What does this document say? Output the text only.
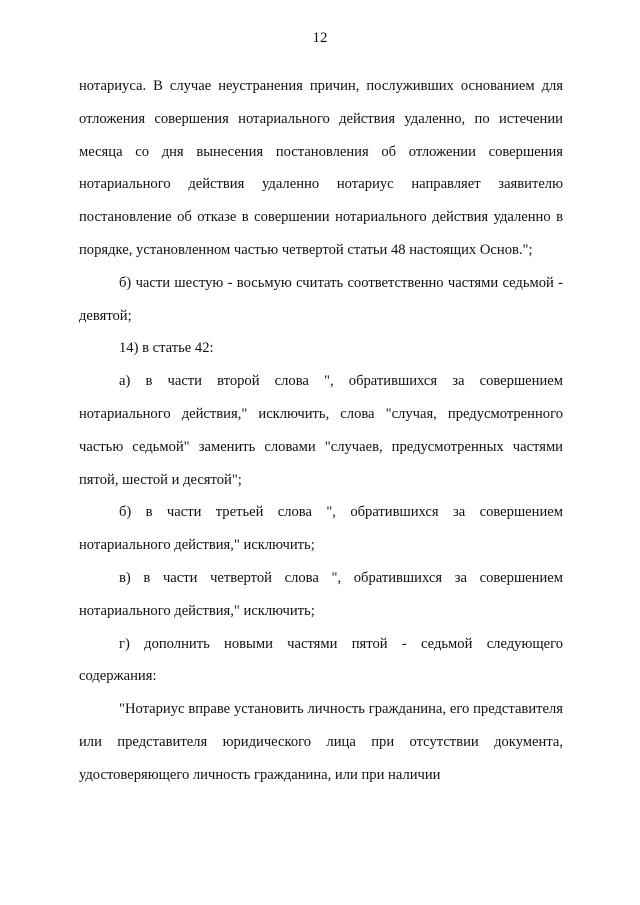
12

нотариуса. В случае неустранения причин, послуживших основанием для отложения совершения нотариального действия удаленно, по истечении месяца со дня вынесения постановления об отложении совершения нотариального действия удаленно нотариус направляет заявителю постановление об отказе в совершении нотариального действия удаленно в порядке, установленном частью четвертой статьи 48 настоящих Основ.";

б) части шестую - восьмую считать соответственно частями седьмой - девятой;

14) в статье 42:

а) в части второй слова ", обратившихся за совершением нотариального действия," исключить, слова "случая, предусмотренного частью седьмой" заменить словами "случаев, предусмотренных частями пятой, шестой и десятой";

б) в части третьей слова ", обратившихся за совершением нотариального действия," исключить;

в) в части четвертой слова ", обратившихся за совершением нотариального действия," исключить;

г) дополнить новыми частями пятой - седьмой следующего содержания:

"Нотариус вправе установить личность гражданина, его представителя или представителя юридического лица при отсутствии документа, удостоверяющего личность гражданина, или при наличии
